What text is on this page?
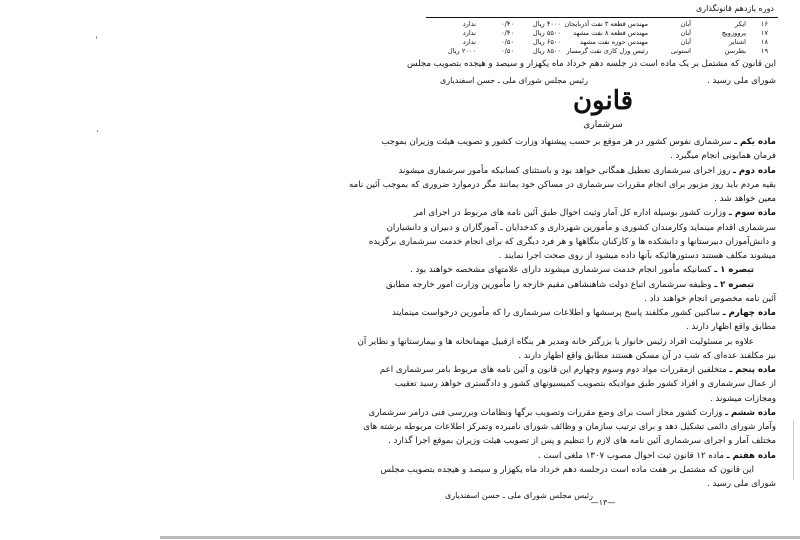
دوره یازدهم قانونگذاری
۱۶
ایکر
آبان
مهندس قطعه ۳ نفت آذربایجان
۴۰۰۰ ریال
۰/۴۰
ندارد
۱۷
پرووزویچ
آبان
مهندس قطعه ۸ نفت مشهد
۵۵۰۰ ریال
۰/۴۰
ندارد
۱۸
اشتایر
آبان
مهندس حوزه نفت مشهد
۶۵۰۰ ریال
۰/۵۰
ندارد
۱۹
بطرسن
استونی
رئیس ورل کاری نفت گرمسار
۸۵۰۰ ریال
۰/۵۰
۲۰۰۰ ریال
این قانون که مشتمل بر یک ماده است در جلسه دهم خرداد ماه یکهزار و سیصد و هیجده بتصویب مجلس
شورای ملی رسید .
رئیس مجلس شورای ملی ـ حسن اسفندیاری
قانون
سرشماری
ماده یکم ـ سرشماری نفوس کشور در هر موقع بر حسب پیشنهاد وزارت کشور و تصویب هیئت وزیران بموجب
فرمان همایونی انجام میگیرد .
ماده دوم ـ روز اجرای سرشماری تعطیل همگانی خواهد بود و باستثنای کسانیکه مأمور سرشماری میشوند
بقیه مردم باید روز مزبور برای انجام مقررات سرشماری در مساکن خود بمانند مگر درموارد ضروری که بموجب آئین نامه
معین خواهد شد .
ماده سوم ـ وزارت کشور بوسیله اداره کل آمار وثبت احوال طبق آئین نامه های مربوط در اجرای امر
سرشماری اقدام مینماید وکارمندان کشوری و مأمورین شهرداری و کدخدایان ـ آموزگاران و دبیران و دانشیاران
و دانش‌آموزان دبیرستانها و دانشکده ها و کارکنان بنگاهها و هر فرد دیگری که برای انجام خدمت سرشماری برگزیده
میشوند مکلف هستند دستورهائیکه بآنها داده میشود از روی صحت اجرا نمایند .
تبصره ۱ ـ کسانیکه مأمور انجام خدمت سرشماری میشوند دارای علامتهای مشخصه خواهند بود .
تبصره ۲ ـ وظیفه سرشماری اتباع دولت شاهنشاهی مقیم خارجه را مأمورین وزارت امور خارجه مطابق
آئین نامه مخصوص انجام خواهند داد .
ماده چهارم ـ ساکنین کشور مکلفند پاسخ پرسشها و اطلاعات سرشماری را که مأمورین درخواست مینمایند
مطابق واقع اظهار دارند .
علاوه بر مسئولیت افراد رئیس خانوار یا بزرگتر خانه ومدیر هر بنگاه ازقبیل مهمانخانه ها و بیمارستانها و نظایر آن
نیز مکلفند عده‌ای که شب در آن مسکن هستند مطابق واقع اظهار دارند .
ماده پنجم ـ متخلفین ازمقررات مواد دوم وسوم وچهارم این قانون و آئین نامه های مربوط بامر سرشماری اعم
از عمال سرشماری و افراد کشور طبق موادیکه بتصویب کمیسیونهای کشور و دادگستری خواهد رسید تعقیب
ومجازات میشوند .
ماده ششم ـ وزارت کشور مجاز است برای وضع مقررات وتصویب برگها ونظامات وبررسی فنی درامر سرشماری
وآمار شورای دائمی تشکیل دهد و برای ترتیب سازمان و وظائف شورای نامبرده وتمرکز اطلاعات مربوطه برشته های
مختلف آمار و اجرای سرشماری آئین نامه های لازم را تنظیم و پس از تصویب هیئت وزیران بموقع اجرا گذارد .
ماده هفتم ـ ماده ۱۲ قانون ثبت احوال مصوب ۱۳۰۷ ملغی است .
این قانون که مشتمل بر هفت ماده است درجلسه دهم خرداد ماه یکهزار و سیصد و هیجده بتصویب مجلس
شورای ملی رسید .
رئیس مجلس شورای ملی ـ حسن اسفندیاری
—۱۳—
